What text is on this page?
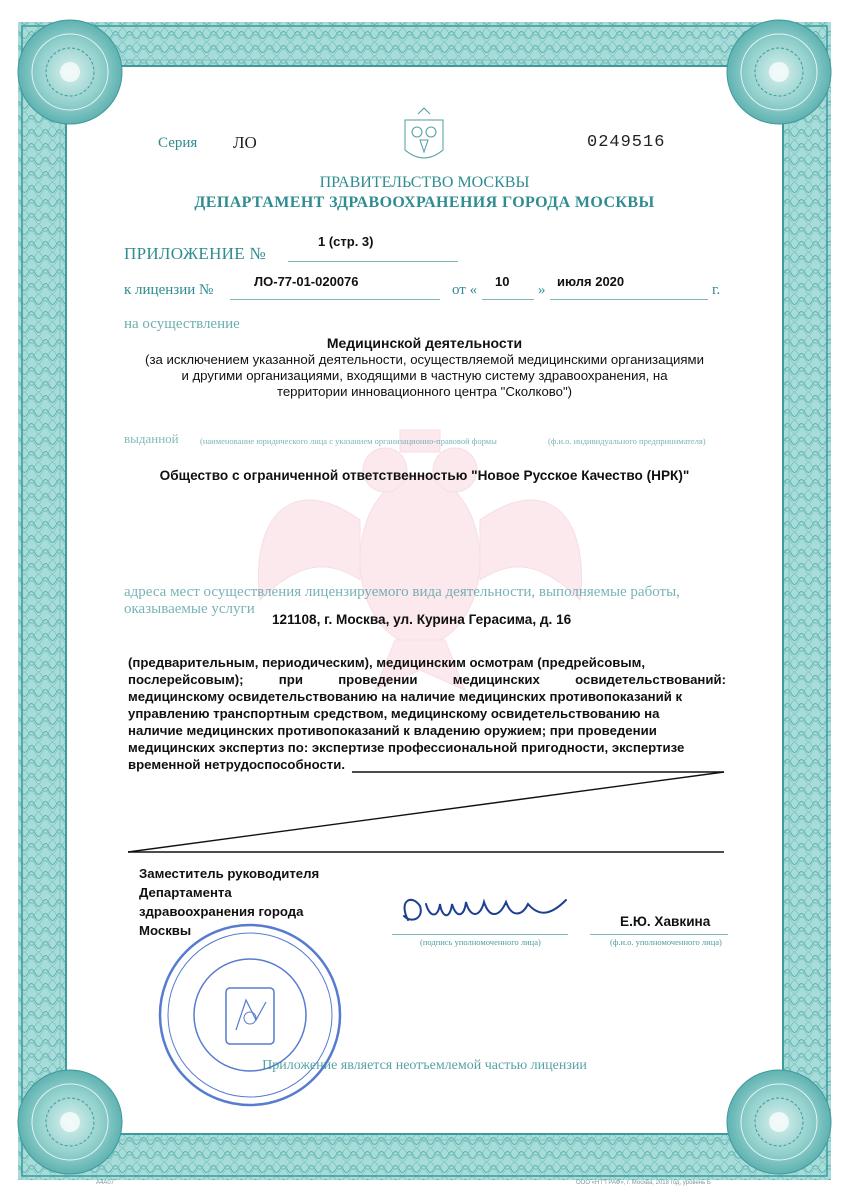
Серия ЛО	0249516
ПРАВИТЕЛЬСТВО МОСКВЫ
ДЕПАРТАМЕНТ ЗДРАВООХРАНЕНИЯ ГОРОДА МОСКВЫ
ПРИЛОЖЕНИЕ №
1 (стр. 3)
к лицензии №
ЛО-77-01-020076
от «
10
»
июля 2020
г.
на осуществление
Медицинской деятельности
(за исключением указанной деятельности, осуществляемой медицинскими организациями
и другими организациями, входящими в частную систему здравоохранения, на
территории инновационного центра "Сколково")
выданной	(наименование юридического лица с указанием организационно-правовой формы	(ф.и.о. индивидуального предпринимателя)
Общество с ограниченной ответственностью "Новое Русское Качество (НРК)"
адреса мест осуществления лицензируемого вида деятельности, выполняемые работы,
оказываемые услуги
121108, г. Москва, ул. Курина Герасима, д. 16
(предварительным, периодическим), медицинским осмотрам (предрейсовым,
послерейсовым); при проведении медицинских освидетельствований:
медицинскому освидетельствованию на наличие медицинских противопоказаний к
управлению транспортным средством, медицинскому освидетельствованию на
наличие медицинских противопоказаний к владению оружием; при проведении
медицинских экспертиз по: экспертизе профессиональной пригодности, экспертизе
временной нетрудоспособности.
Заместитель руководителя
Департамента
здравоохранения города
Москвы
(подпись уполномоченного лица)
Е.Ю. Хавкина
(ф.и.о. уполномоченного лица)
Приложение является неотъемлемой частью лицензии
А4А07	ООО «НТ"ГРАФ», г. Москва, 2018 год, уровень Б
